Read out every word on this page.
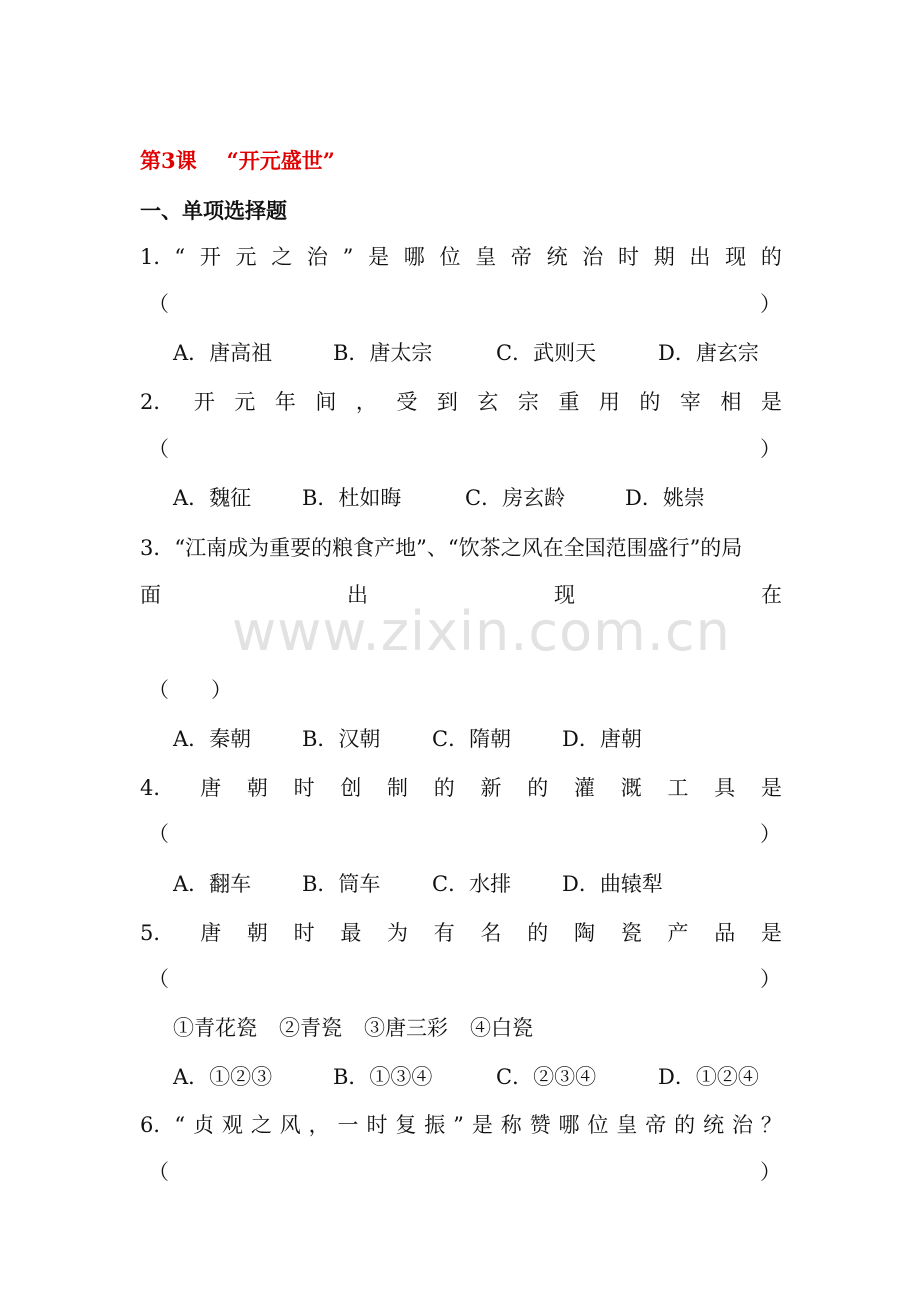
第3课 “开元盛世”
一、单项选择题
1．“ 开 元 之 治 ” 是 哪 位 皇 帝 统 治 时 期 出 现 的
（	）
A．唐高祖	B．唐太宗	C．武则天	D．唐玄宗
2． 开 元 年 间 ， 受 到 玄 宗 重 用 的 宰 相 是
（	）
A．魏征 B．杜如晦	C．房玄龄	D．姚崇
3．“江南成为重要的粮食产地”、“饮茶之风在全国范围盛行”的局
面	出	现	在
（　　）
A．秦朝 B．汉朝 C．隋朝 D．唐朝
4． 唐 朝 时 创 制 的 新 的 灌 溉 工 具 是
（	）
A．翻车 B．筒车 C．水排 D．曲辕犁
5． 唐 朝 时 最 为 有 名 的 陶 瓷 产 品 是
（	）
①青花瓷 ②青瓷 ③唐三彩 ④白瓷
A．①②③	B．①③④	C．②③④	D．①②④
6．“ 贞 观 之 风 ， 一 时 复 振 ” 是 称 赞 哪 位 皇 帝 的 统 治 ？
（	）
www.zixin.com.cn
